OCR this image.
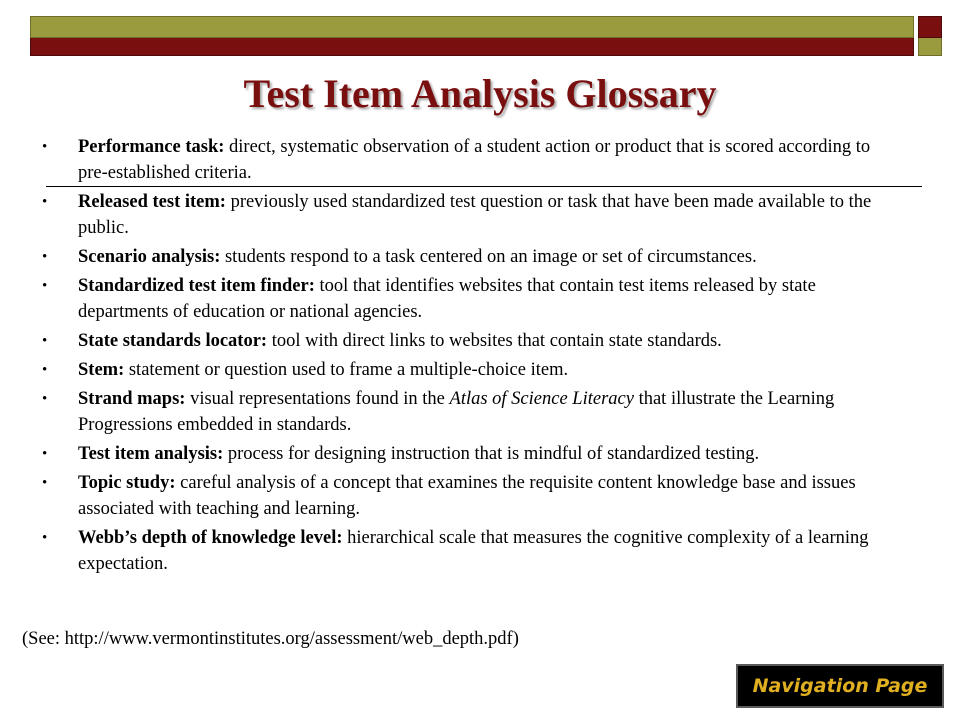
Test Item Analysis Glossary
• Performance task: direct, systematic observation of a student action or product that is scored according to pre-established criteria.
• Released test item: previously used standardized test question or task that have been made available to the public.
• Scenario analysis: students respond to a task centered on an image or set of circumstances.
• Standardized test item finder: tool that identifies websites that contain test items released by state departments of education or national agencies.
• State standards locator: tool with direct links to websites that contain state standards.
• Stem: statement or question used to frame a multiple-choice item.
• Strand maps: visual representations found in the Atlas of Science Literacy that illustrate the Learning Progressions embedded in standards.
• Test item analysis: process for designing instruction that is mindful of standardized testing.
• Topic study: careful analysis of a concept that examines the requisite content knowledge base and issues associated with teaching and learning.
• Webb’s depth of knowledge level: hierarchical scale that measures the cognitive complexity of a learning expectation.

(See: http://www.vermontinstitutes.org/assessment/web_depth.pdf)

Navigation Page
